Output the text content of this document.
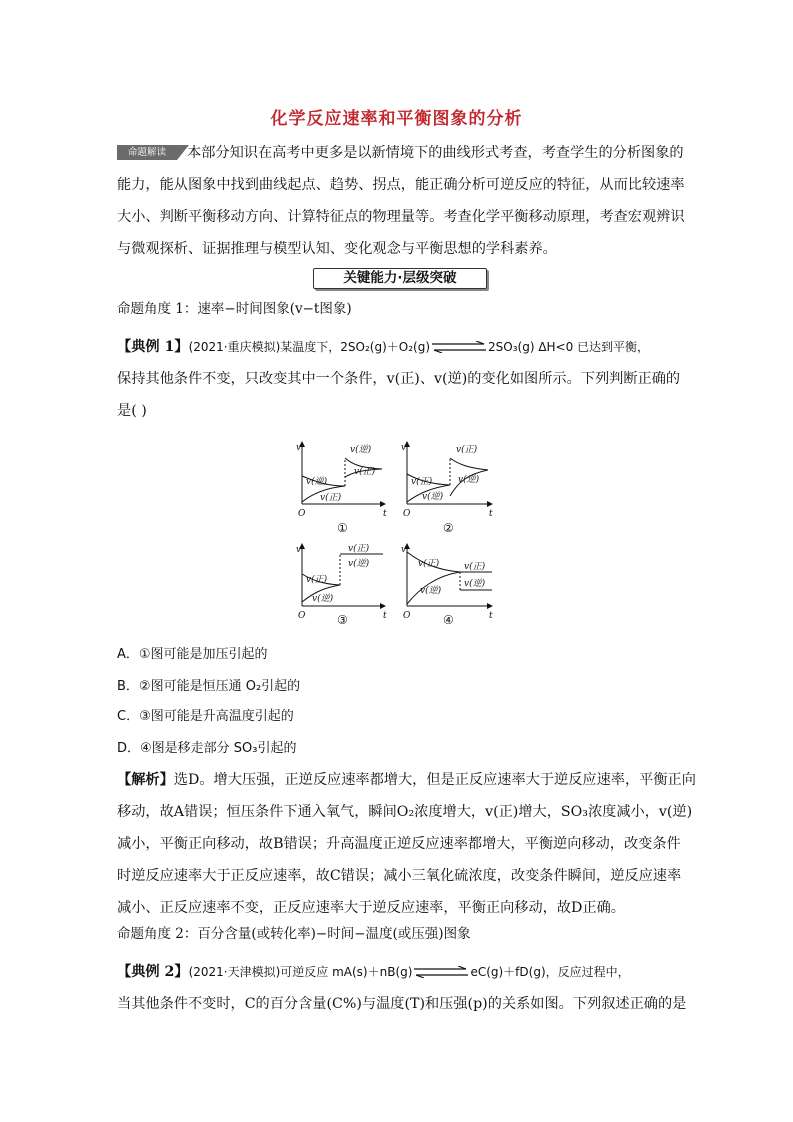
化学反应速率和平衡图象的分析
命题解读	本部分知识在高考中更多是以新情境下的曲线形式考查，考查学生的分析图象的
能力，能从图象中找到曲线起点、趋势、拐点，能正确分析可逆反应的特征，从而比较速率
大小、判断平衡移动方向、计算特征点的物理量等。考查化学平衡移动原理，考查宏观辨识
与微观探析、证据推理与模型认知、变化观念与平衡思想的学科素养。
关键能力·层级突破
命题角度 1：速率−时间图象(v−t图象)
【典例 1】(2021·重庆模拟)某温度下，2SO₂(g)＋O₂(g)	2SO₃(g) ΔH<0 已达到平衡，
保持其他条件不变，只改变其中一个条件，v(正)、v(逆)的变化如图所示。下列判断正确的
是( )
v
O	t
v(逆)
v(正)
v(逆)
v(正)
v
O	t
v(正)
v(逆)
v(正)
v(逆)
v
O	t
v(正)
v(逆)
v(正)
v(逆)
v
O	t
v(正)
v(逆)
v(正)
v(逆)
①	②
③	④
A．①图可能是加压引起的
B．②图可能是恒压通 O₂引起的
C．③图可能是升高温度引起的
D．④图是移走部分 SO₃引起的
【解析】选D。增大压强，正逆反应速率都增大，但是正反应速率大于逆反应速率，平衡正向
移动，故A错误；恒压条件下通入氧气，瞬间O₂浓度增大，v(正)增大，SO₃浓度减小，v(逆)
减小，平衡正向移动，故B错误；升高温度正逆反应速率都增大，平衡逆向移动，改变条件
时逆反应速率大于正反应速率，故C错误；减小三氧化硫浓度，改变条件瞬间，逆反应速率
减小、正反应速率不变，正反应速率大于逆反应速率，平衡正向移动，故D正确。
命题角度 2：百分含量(或转化率)−时间−温度(或压强)图象
【典例 2】(2021·天津模拟)可逆反应 mA(s)＋nB(g)	eC(g)＋fD(g)，反应过程中，
当其他条件不变时，C的百分含量(C%)与温度(T)和压强(p)的关系如图。下列叙述正确的是
